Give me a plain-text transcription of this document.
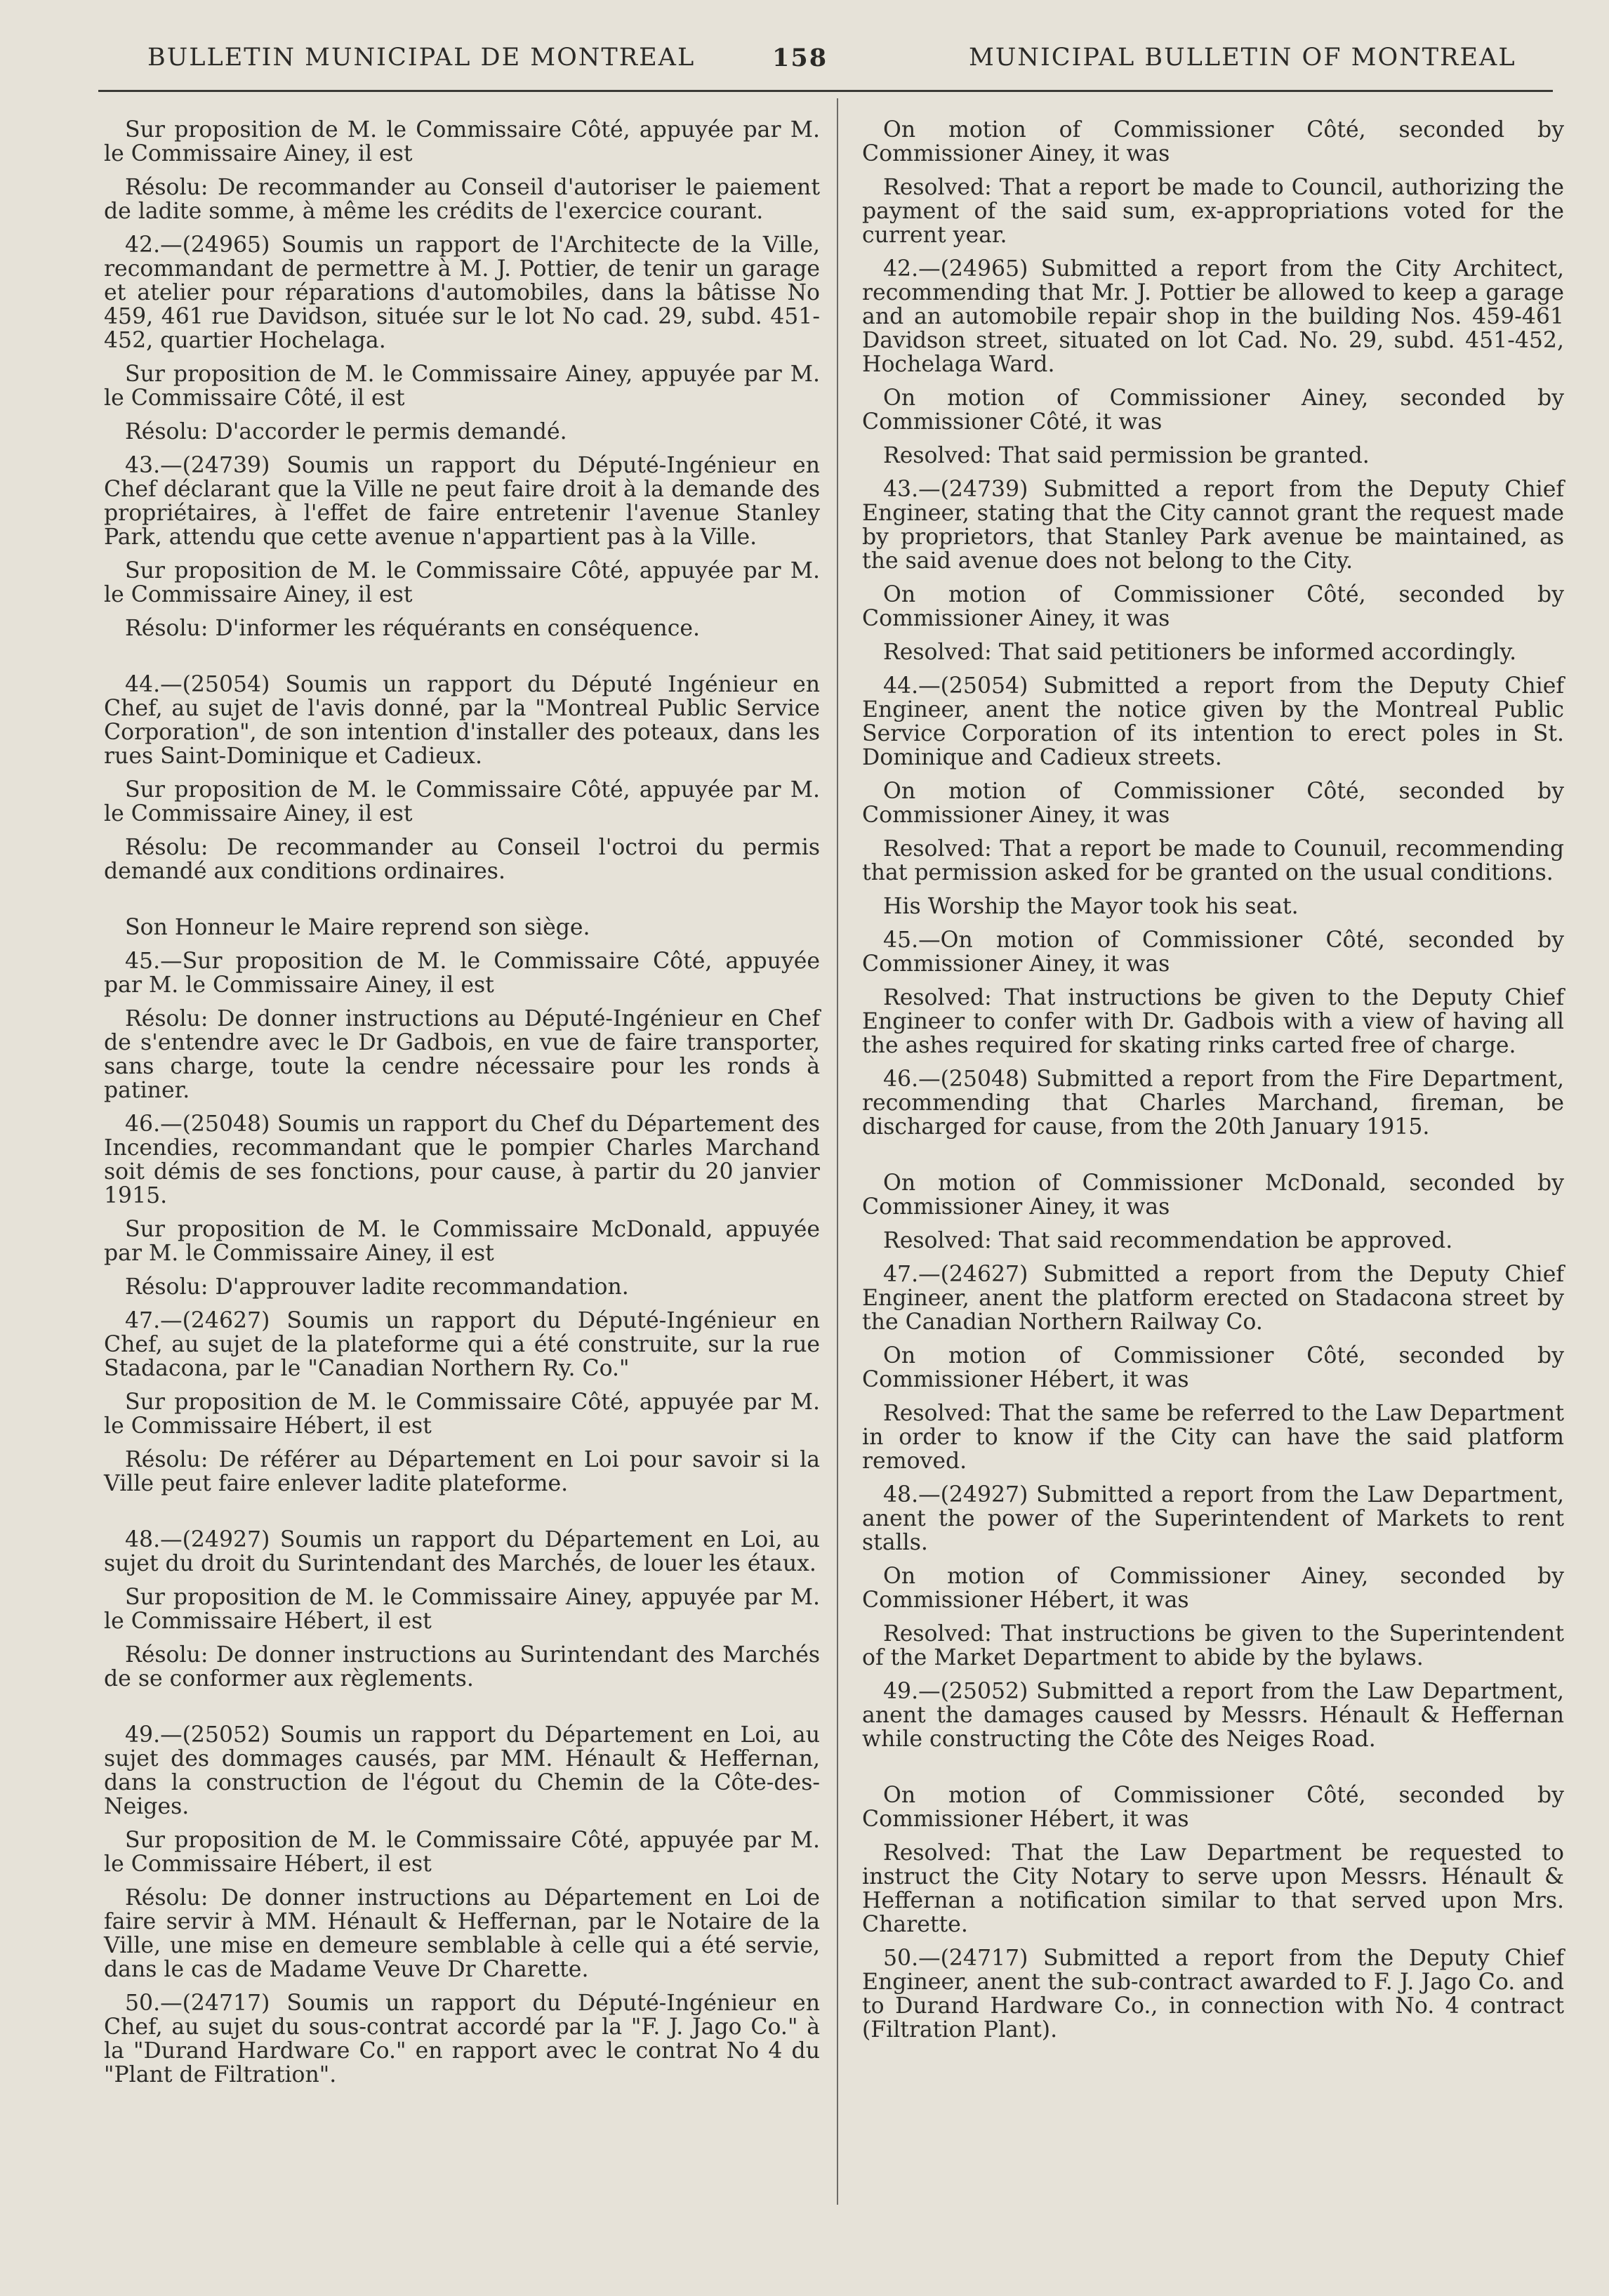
BULLETIN MUNICIPAL DE MONTREAL	158	MUNICIPAL BULLETIN OF MONTREAL

Sur proposition de M. le Commissaire Côté, appuyée par M. le Commissaire Ainey, il est

Résolu: De recommander au Conseil d'autoriser le paiement de ladite somme, à même les crédits de l'exercice courant.

42.—(24965) Soumis un rapport de l'Architecte de la Ville, recommandant de permettre à M. J. Pottier, de tenir un garage et atelier pour réparations d'automobiles, dans la bâtisse No 459, 461 rue Davidson, située sur le lot No cad. 29, subd. 451-452, quartier Hochelaga.

Sur proposition de M. le Commissaire Ainey, appuyée par M. le Commissaire Côté, il est

Résolu: D'accorder le permis demandé.

43.—(24739) Soumis un rapport du Député-Ingénieur en Chef déclarant que la Ville ne peut faire droit à la demande des propriétaires, à l'effet de faire entretenir l'avenue Stanley Park, attendu que cette avenue n'appartient pas à la Ville.

Sur proposition de M. le Commissaire Côté, appuyée par M. le Commissaire Ainey, il est

Résolu: D'informer les réquérants en conséquence.

44.—(25054) Soumis un rapport du Député Ingénieur en Chef, au sujet de l'avis donné, par la "Montreal Public Service Corporation", de son intention d'installer des poteaux, dans les rues Saint-Dominique et Cadieux.

Sur proposition de M. le Commissaire Côté, appuyée par M. le Commissaire Ainey, il est

Résolu: De recommander au Conseil l'octroi du permis demandé aux conditions ordinaires.

Son Honneur le Maire reprend son siège.

45.—Sur proposition de M. le Commissaire Côté, appuyée par M. le Commissaire Ainey, il est

Résolu: De donner instructions au Député-Ingénieur en Chef de s'entendre avec le Dr Gadbois, en vue de faire transporter, sans charge, toute la cendre nécessaire pour les ronds à patiner.

46.—(25048) Soumis un rapport du Chef du Département des Incendies, recommandant que le pompier Charles Marchand soit démis de ses fonctions, pour cause, à partir du 20 janvier 1915.

Sur proposition de M. le Commissaire McDonald, appuyée par M. le Commissaire Ainey, il est

Résolu: D'approuver ladite recommandation.

47.—(24627) Soumis un rapport du Député-Ingénieur en Chef, au sujet de la plateforme qui a été construite, sur la rue Stadacona, par le "Canadian Northern Ry. Co."

Sur proposition de M. le Commissaire Côté, appuyée par M. le Commissaire Hébert, il est

Résolu: De référer au Département en Loi pour savoir si la Ville peut faire enlever ladite plateforme.

48.—(24927) Soumis un rapport du Département en Loi, au sujet du droit du Surintendant des Marchés, de louer les étaux.

Sur proposition de M. le Commissaire Ainey, appuyée par M. le Commissaire Hébert, il est

Résolu: De donner instructions au Surintendant des Marchés de se conformer aux règlements.

49.—(25052) Soumis un rapport du Département en Loi, au sujet des dommages causés, par MM. Hénault & Heffernan, dans la construction de l'égout du Chemin de la Côte-des-Neiges.

Sur proposition de M. le Commissaire Côté, appuyée par M. le Commissaire Hébert, il est

Résolu: De donner instructions au Département en Loi de faire servir à MM. Hénault & Heffernan, par le Notaire de la Ville, une mise en demeure semblable à celle qui a été servie, dans le cas de Madame Veuve Dr Charette.

50.—(24717) Soumis un rapport du Député-Ingénieur en Chef, au sujet du sous-contrat accordé par la "F. J. Jago Co." à la "Durand Hardware Co." en rapport avec le contrat No 4 du "Plant de Filtration".

On motion of Commissioner Côté, seconded by Commissioner Ainey, it was

Resolved: That a report be made to Council, authorizing the payment of the said sum, ex-appropriations voted for the current year.

42.—(24965) Submitted a report from the City Architect, recommending that Mr. J. Pottier be allowed to keep a garage and an automobile repair shop in the building Nos. 459-461 Davidson street, situated on lot Cad. No. 29, subd. 451-452, Hochelaga Ward.

On motion of Commissioner Ainey, seconded by Commissioner Côté, it was

Resolved: That said permission be granted.

43.—(24739) Submitted a report from the Deputy Chief Engineer, stating that the City cannot grant the request made by proprietors, that Stanley Park avenue be maintained, as the said avenue does not belong to the City.

On motion of Commissioner Côté, seconded by Commissioner Ainey, it was

Resolved: That said petitioners be informed accordingly.

44.—(25054) Submitted a report from the Deputy Chief Engineer, anent the notice given by the Montreal Public Service Corporation of its intention to erect poles in St. Dominique and Cadieux streets.

On motion of Commissioner Côté, seconded by Commissioner Ainey, it was

Resolved: That a report be made to Counuil, recommending that permission asked for be granted on the usual conditions.

His Worship the Mayor took his seat.

45.—On motion of Commissioner Côté, seconded by Commissioner Ainey, it was

Resolved: That instructions be given to the Deputy Chief Engineer to confer with Dr. Gadbois with a view of having all the ashes required for skating rinks carted free of charge.

46.—(25048) Submitted a report from the Fire Department, recommending that Charles Marchand, fireman, be discharged for cause, from the 20th January 1915.

On motion of Commissioner McDonald, seconded by Commissioner Ainey, it was

Resolved: That said recommendation be approved.

47.—(24627) Submitted a report from the Deputy Chief Engineer, anent the platform erected on Stadacona street by the Canadian Northern Railway Co.

On motion of Commissioner Côté, seconded by Commissioner Hébert, it was

Resolved: That the same be referred to the Law Department in order to know if the City can have the said platform removed.

48.—(24927) Submitted a report from the Law Department, anent the power of the Superintendent of Markets to rent stalls.

On motion of Commissioner Ainey, seconded by Commissioner Hébert, it was

Resolved: That instructions be given to the Superintendent of the Market Department to abide by the bylaws.

49.—(25052) Submitted a report from the Law Department, anent the damages caused by Messrs. Hénault & Heffernan while constructing the Côte des Neiges Road.

On motion of Commissioner Côté, seconded by Commissioner Hébert, it was

Resolved: That the Law Department be requested to instruct the City Notary to serve upon Messrs. Hénault & Heffernan a notification similar to that served upon Mrs. Charette.

50.—(24717) Submitted a report from the Deputy Chief Engineer, anent the sub-contract awarded to F. J. Jago Co. and to Durand Hardware Co., in connection with No. 4 contract (Filtration Plant).
